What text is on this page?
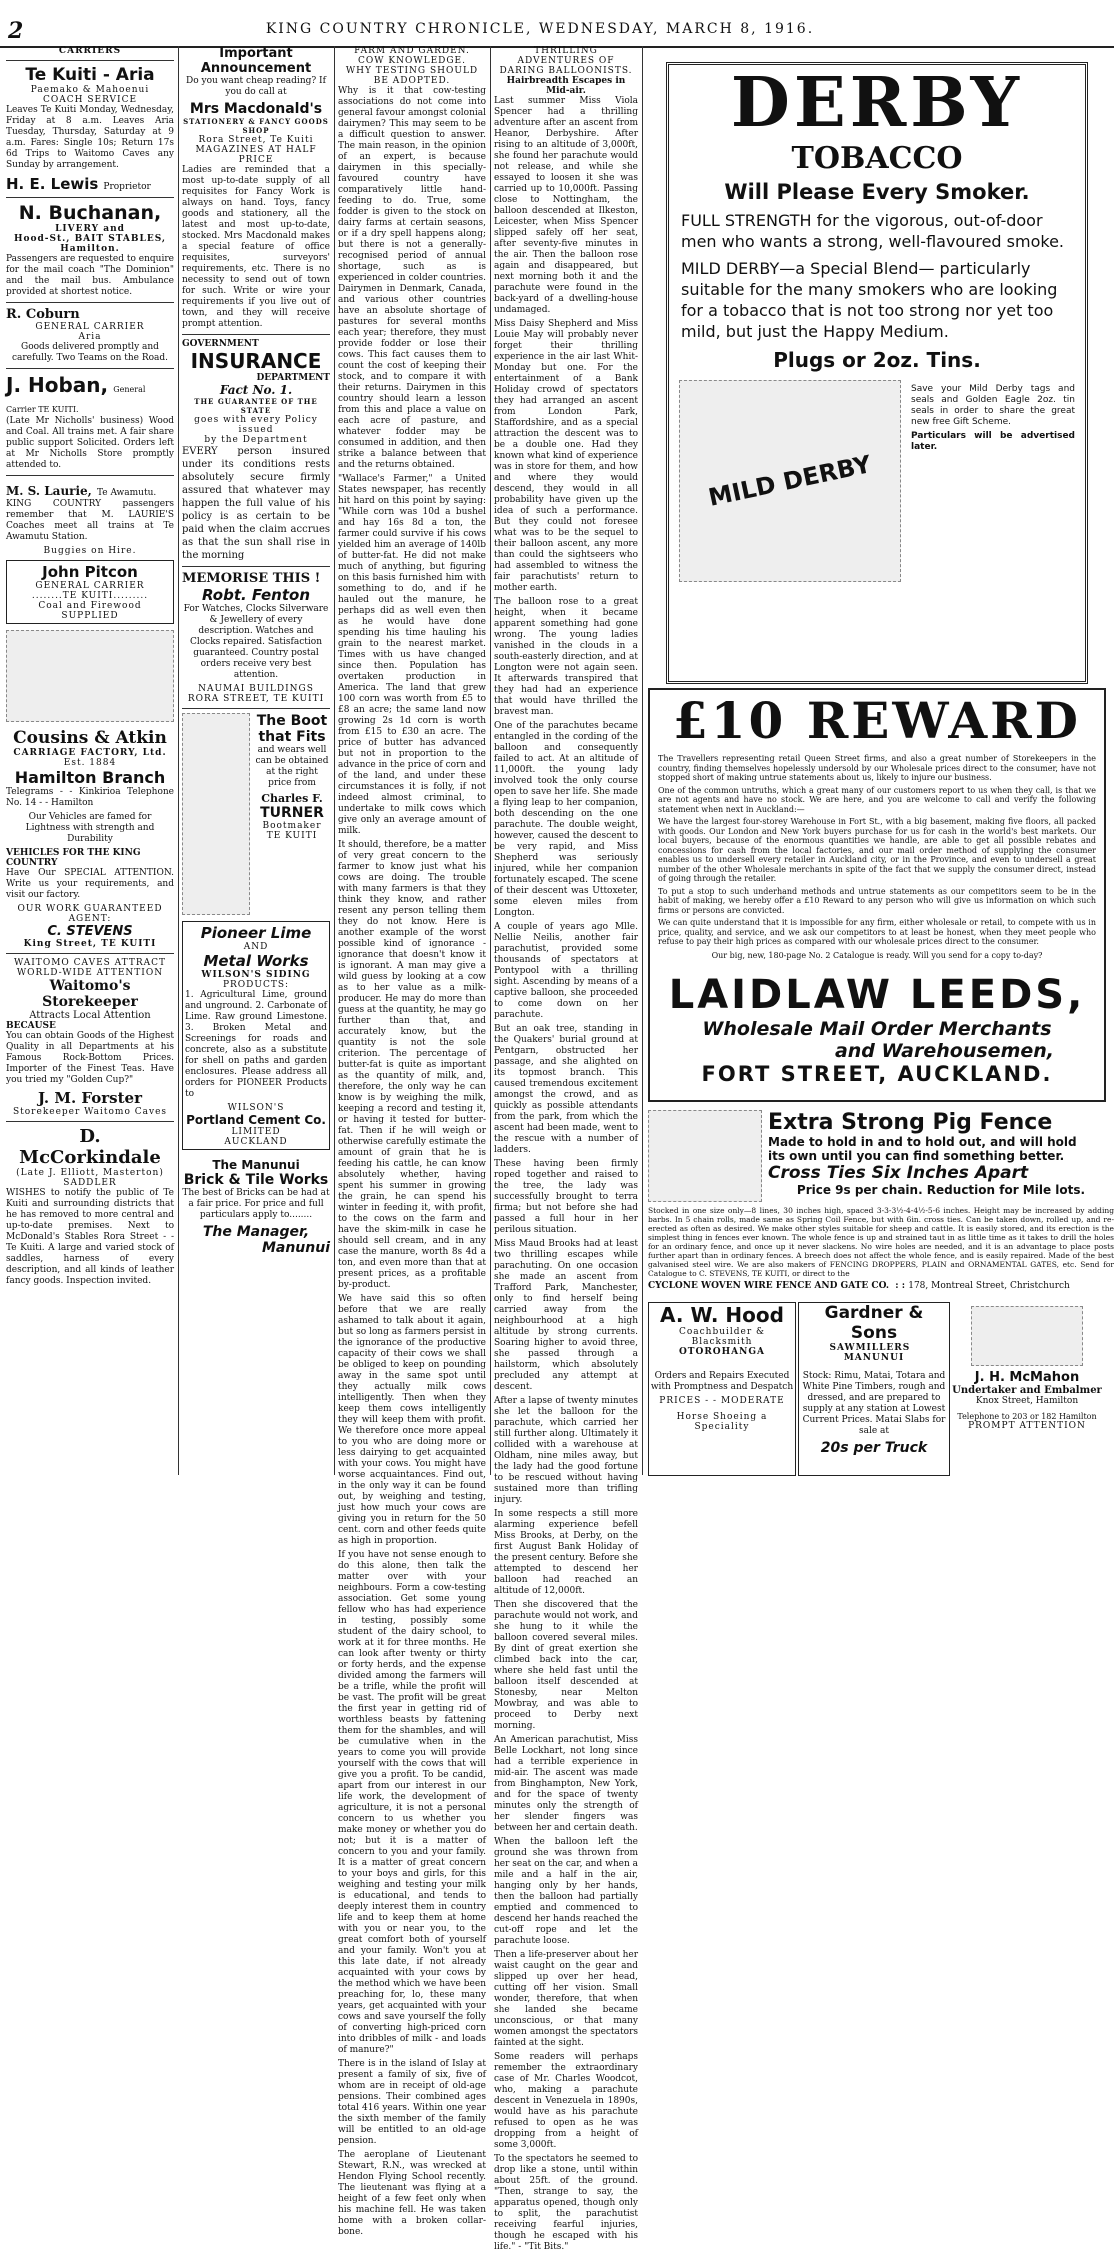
2	KING COUNTRY CHRONICLE, WEDNESDAY, MARCH 8, 1916.
CARRIERS
Te Kuiti - Aria
Paemako & Mahoenui
COACH SERVICE

Leaves Te Kuiti Monday, Wednesday, Friday at 8 a.m. Leaves Aria Tuesday, Thursday, Saturday at 9 a.m. Fares: Single 10s; Return 17s 6d Trips to Waitomo Caves any Sunday by arrangement.

H. E. Lewis Proprietor
N. Buchanan,
LIVERY and
Hood-St., BAIT STABLES, Hamilton.

Passengers are requested to enquire for the mail coach "The Dominion" and the mail bus. Ambulance provided at shortest notice.

R. Coburn
GENERAL CARRIER
Aria

Goods delivered promptly and carefully. Two Teams on the Road.

J. Hoban, General Carrier TE KUITI.

(Late Mr Nicholls' business) Wood and Coal. All trains met. A fair share public support Solicited. Orders left at Mr Nicholls Store promptly attended to.

M. S. Laurie, Te Awamutu.

KING COUNTRY passengers remember that M. LAURIE'S Coaches meet all trains at Te Awamutu Station.

Buggies on Hire.
John Pitcon
GENERAL CARRIER
........TE KUITI.........
Coal and Firewood SUPPLIED
Cousins & Atkin
CARRIAGE FACTORY, Ltd.
Est. 1884
Hamilton Branch

Telegrams - - Kinkirioa Telephone No. 14 - - Hamilton

Our Vehicles are famed for Lightness with strength and Durability

VEHICLES FOR THE KING COUNTRY

Have Our SPECIAL ATTENTION. Write us your requirements, and visit our factory.

OUR WORK GUARANTEED
AGENT:
C. STEVENS
King Street, TE KUITI
WAITOMO CAVES ATTRACT WORLD-WIDE ATTENTION
Waitomo's Storekeeper
Attracts Local Attention
BECAUSE

You can obtain Goods of the Highest Quality in all Departments at his Famous Rock-Bottom Prices. Importer of the Finest Teas. Have you tried my "Golden Cup?"

J. M. Forster
Storekeeper Waitomo Caves
D. McCorkindale
(Late J. Elliott, Masterton)
SADDLER

WISHES to notify the public of Te Kuiti and surrounding districts that he has removed to more central and up-to-date premises. Next to McDonald's Stables Rora Street - - Te Kuiti. A large and varied stock of saddles, harness of every description, and all kinds of leather fancy goods. Inspection invited.

Important Announcement

Do you want cheap reading? If you do call at

Mrs Macdonald's
STATIONERY & FANCY GOODS SHOP
Rora Street, Te Kuiti
MAGAZINES AT HALF PRICE

Ladies are reminded that a most up-to-date supply of all requisites for Fancy Work is always on hand. Toys, fancy goods and stationery, all the latest and most up-to-date, stocked. Mrs Macdonald makes a special feature of office requisites, surveyors' requirements, etc. There is no necessity to send out of town for such. Write or wire your requirements if you live out of town, and they will receive prompt attention.

GOVERNMENT
INSURANCE
DEPARTMENT
Fact No. 1.
THE GUARANTEE OF THE STATE
goes with every Policy issued
by the Department

EVERY person insured under its conditions rests absolutely secure firmly assured that whatever may happen the full value of his policy is as certain to be paid when the claim accrues as that the sun shall rise in the morning

MEMORISE THIS !
Robt. Fenton

For Watches, Clocks Silverware & Jewellery of every description. Watches and Clocks repaired. Satisfaction guaranteed. Country postal orders receive very best attention.

NAUMAI BUILDINGS
RORA STREET, TE KUITI
The Boot
that Fits

and wears well can be obtained at the right price from

Charles F.
TURNER
Bootmaker
TE KUITI
Pioneer Lime
AND
Metal Works
WILSON'S SIDING
PRODUCTS:

1. Agricultural Lime, ground and unground. 2. Carbonate of Lime. Raw ground Limestone. 3. Broken Metal and Screenings for roads and concrete, also as a substitute for shell on paths and garden enclosures. Please address all orders for PIONEER Products to

WILSON'S
Portland Cement Co.
LIMITED
AUCKLAND
The Manunui
Brick & Tile Works

The best of Bricks can be had at a fair price. For price and full particulars apply to........

The Manager,
Manunui
FARM AND GARDEN.
COW KNOWLEDGE.
WHY TESTING SHOULD BE ADOPTED.

Why is it that cow-testing associations do not come into general favour amongst colonial dairymen? This may seem to be a difficult question to answer. The main reason, in the opinion of an expert, is because dairymen in this specially-favoured country have comparatively little hand-feeding to do. True, some fodder is given to the stock on dairy farms at certain seasons, or if a dry spell happens along; but there is not a generally-recognised period of annual shortage, such as is experienced in colder countries. Dairymen in Denmark, Canada, and various other countries have an absolute shortage of pastures for several months each year; therefore, they must provide fodder or lose their cows. This fact causes them to count the cost of keeping their stock, and to compare it with their returns. Dairymen in this country should learn a lesson from this and place a value on each acre of pasture, and whatever fodder may be consumed in addition, and then strike a balance between that and the returns obtained.

"Wallace's Farmer," a United States newspaper, has recently hit hard on this point by saying: "While corn was 10d a bushel and hay 16s 8d a ton, the farmer could survive if his cows yielded him an average of 140lb of butter-fat. He did not make much of anything, but figuring on this basis furnished him with something to do, and if he hauled out the manure, he perhaps did as well even then as he would have done spending his time hauling his grain to the nearest market. Times with us have changed since then. Population has overtaken production in America. The land that grew 100 corn was worth from £5 to £8 an acre; the same land now growing 2s 1d corn is worth from £15 to £30 an acre. The price of butter has advanced but not in proportion to the advance in the price of corn and of the land, and under these circumstances it is folly, if not indeed almost criminal, to undertake to milk cows which give only an average amount of milk.

It should, therefore, be a matter of very great concern to the farmer to know just what his cows are doing. The trouble with many farmers is that they think they know, and rather resent any person telling them they do not know. Here is another example of the worst possible kind of ignorance - ignorance that doesn't know it is ignorant. A man may give a wild guess by looking at a cow as to her value as a milk-producer. He may do more than guess at the quantity, he may go further than that, and accurately know, but the quantity is not the sole criterion. The percentage of butter-fat is quite as important as the quantity of milk, and, therefore, the only way he can know is by weighing the milk, keeping a record and testing it, or having it tested for butter-fat. Then if he will weigh or otherwise carefully estimate the amount of grain that he is feeding his cattle, he can know absolutely whether, having spent his summer in growing the grain, he can spend his winter in feeding it, with profit, to the cows on the farm and have the skim-milk in case he should sell cream, and in any case the manure, worth 8s 4d a ton, and even more than that at present prices, as a profitable by-product.

We have said this so often before that we are really ashamed to talk about it again, but so long as farmers persist in the ignorance of the productive capacity of their cows we shall be obliged to keep on pounding away in the same spot until they actually milk cows intelligently. Then when they keep them cows intelligently they will keep them with profit. We therefore once more appeal to you who are doing more or less dairying to get acquainted with your cows. You might have worse acquaintances. Find out, in the only way it can be found out, by weighing and testing, just how much your cows are giving you in return for the 50 cent. corn and other feeds quite as high in proportion.

If you have not sense enough to do this alone, then talk the matter over with your neighbours. Form a cow-testing association. Get some young fellow who has had experience in testing, possibly some student of the dairy school, to work at it for three months. He can look after twenty or thirty or forty herds, and the expense divided among the farmers will be a trifle, while the profit will be vast. The profit will be great the first year in getting rid of worthless beasts by fattening them for the shambles, and will be cumulative when in the years to come you will provide yourself with the cows that will give you a profit. To be candid, apart from our interest in our life work, the development of agriculture, it is not a personal concern to us whether you make money or whether you do not; but it is a matter of concern to you and your family. It is a matter of great concern to your boys and girls, for this weighing and testing your milk is educational, and tends to deeply interest them in country life and to keep them at home with you or near you, to the great comfort both of yourself and your family. Won't you at this late date, if not already acquainted with your cows by the method which we have been preaching for, lo, these many years, get acquainted with your cows and save yourself the folly of converting high-priced corn into dribbles of milk - and loads of manure?"

There is in the island of Islay at present a family of six, five of whom are in receipt of old-age pensions. Their combined ages total 416 years. Within one year the sixth member of the family will be entitled to an old-age pension.

The aeroplane of Lieutenant Stewart, R.N., was wrecked at Hendon Flying School recently. The lieutenant was flying at a height of a few feet only when his machine fell. He was taken home with a broken collar-bone.

THRILLING ADVENTURES OF DARING BALLOONISTS.
Hairbreadth Escapes in Mid-air.

Last summer Miss Viola Spencer had a thrilling adventure after an ascent from Heanor, Derbyshire. After rising to an altitude of 3,000ft, she found her parachute would not release, and while she essayed to loosen it she was carried up to 10,000ft. Passing close to Nottingham, the balloon descended at Ilkeston, Leicester, when Miss Spencer slipped safely off her seat, after seventy-five minutes in the air. Then the balloon rose again and disappeared, but next morning both it and the parachute were found in the back-yard of a dwelling-house undamaged.

Miss Daisy Shepherd and Miss Louie May will probably never forget their thrilling experience in the air last Whit-Monday but one. For the entertainment of a Bank Holiday crowd of spectators they had arranged an ascent from London Park, Staffordshire, and as a special attraction the descent was to be a double one. Had they known what kind of experience was in store for them, and how and where they would descend, they would in all probability have given up the idea of such a performance. But they could not foresee what was to be the sequel to their balloon ascent, any more than could the sightseers who had assembled to witness the fair parachutists' return to mother earth.

The balloon rose to a great height, when it became apparent something had gone wrong. The young ladies vanished in the clouds in a south-easterly direction, and at Longton were not again seen. It afterwards transpired that they had had an experience that would have thrilled the bravest man.

One of the parachutes became entangled in the cording of the balloon and consequently failed to act. At an altitude of 11,000ft. the young lady involved took the only course open to save her life. She made a flying leap to her companion, both descending on the one parachute. The double weight, however, caused the descent to be very rapid, and Miss Shepherd was seriously injured, while her companion fortunately escaped. The scene of their descent was Uttoxeter, some eleven miles from Longton.

A couple of years ago Mlle. Nellie Neilis, another fair parachutist, provided some thousands of spectators at Pontypool with a thrilling sight. Ascending by means of a captive balloon, she proceeded to come down on her parachute.

But an oak tree, standing in the Quakers' burial ground at Pentgarn, obstructed her passage, and she alighted on its topmost branch. This caused tremendous excitement amongst the crowd, and as quickly as possible attendants from the park, from which the ascent had been made, went to the rescue with a number of ladders.

These having been firmly roped together and raised to the tree, the lady was successfully brought to terra firma; but not before she had passed a full hour in her perilous situation.

Miss Maud Brooks had at least two thrilling escapes while parachuting. On one occasion she made an ascent from Trafford Park, Manchester, only to find herself being carried away from the neighbourhood at a high altitude by strong currents. Soaring higher to avoid three, she passed through a hailstorm, which absolutely precluded any attempt at descent.

After a lapse of twenty minutes she let the balloon for the parachute, which carried her still further along. Ultimately it collided with a warehouse at Oldham, nine miles away, but the lady had the good fortune to be rescued without having sustained more than trifling injury.

In some respects a still more alarming experience befell Miss Brooks, at Derby, on the first August Bank Holiday of the present century. Before she attempted to descend her balloon had reached an altitude of 12,000ft.

Then she discovered that the parachute would not work, and she hung to it while the balloon covered several miles. By dint of great exertion she climbed back into the car, where she held fast until the balloon itself descended at Stonesby, near Melton Mowbray, and was able to proceed to Derby next morning.

An American parachutist, Miss Belle Lockhart, not long since had a terrible experience in mid-air. The ascent was made from Binghampton, New York, and for the space of twenty minutes only the strength of her slender fingers was between her and certain death.

When the balloon left the ground she was thrown from her seat on the car, and when a mile and a half in the air, hanging only by her hands, then the balloon had partially emptied and commenced to descend her hands reached the cut-off rope and let the parachute loose.

Then a life-preserver about her waist caught on the gear and slipped up over her head, cutting off her vision. Small wonder, therefore, that when she landed she became unconscious, or that many women amongst the spectators fainted at the sight.

Some readers will perhaps remember the extraordinary case of Mr. Charles Woodcot, who, making a parachute descent in Venezuela in 1890s, would have as his parachute refused to open as he was dropping from a height of some 3,000ft.

To the spectators he seemed to drop like a stone, until within about 25ft. of the ground. "Then, strange to say, the apparatus opened, though only to split, the parachutist receiving fearful injuries, though he escaped with his life." - "Tit Bits."

DERBY
TOBACCO
Will Please Every Smoker.

FULL STRENGTH for the vigorous, out-of-door men who wants a strong, well-flavoured smoke.

MILD DERBY—a Special Blend— particularly suitable for the many smokers who are looking for a tobacco that is not too strong nor yet too mild, but just the Happy Medium.

Plugs or 2oz. Tins.
MILD DERBY

Save your Mild Derby tags and seals and Golden Eagle 2oz. tin seals in order to share the great new free Gift Scheme.

Particulars will be advertised later.

£10 REWARD

The Travellers representing retail Queen Street firms, and also a great number of Storekeepers in the country, finding themselves hopelessly undersold by our Wholesale prices direct to the consumer, have not stopped short of making untrue statements about us, likely to injure our business.

One of the common untruths, which a great many of our customers report to us when they call, is that we are not agents and have no stock. We are here, and you are welcome to call and verify the following statement when next in Auckland:—

We have the largest four-storey Warehouse in Fort St., with a big basement, making five floors, all packed with goods. Our London and New York buyers purchase for us for cash in the world's best markets. Our local buyers, because of the enormous quantities we handle, are able to get all possible rebates and concessions for cash from the local factories, and our mail order method of supplying the consumer enables us to undersell every retailer in Auckland city, or in the Province, and even to undersell a great number of the other Wholesale merchants in spite of the fact that we supply the consumer direct, instead of going through the retailer.

To put a stop to such underhand methods and untrue statements as our competitors seem to be in the habit of making, we hereby offer a £10 Reward to any person who will give us information on which such firms or persons are convicted.

We can quite understand that it is impossible for any firm, either wholesale or retail, to compete with us in price, quality, and service, and we ask our competitors to at least be honest, when they meet people who refuse to pay their high prices as compared with our wholesale prices direct to the consumer.

Our big, new, 180-page No. 2 Catalogue is ready. Will you send for a copy to-day?

LAIDLAW LEEDS,
Wholesale Mail Order Merchants
and Warehousemen,
FORT STREET, AUCKLAND.
Extra Strong Pig Fence
Made to hold in and to hold out, and will hold
its own until you can find something better.
Cross Ties Six Inches Apart
Price 9s per chain. Reduction for Mile lots.

Stocked in one size only—8 lines, 30 inches high, spaced 3-3-3½-4-4½-5-6 inches. Height may be increased by adding barbs. In 5 chain rolls, made same as Spring Coil Fence, but with 6in. cross ties. Can be taken down, rolled up, and re-erected as often as desired. We make other styles suitable for sheep and cattle. It is easily stored, and its erection is the simplest thing in fences ever known. The whole fence is up and strained taut in as little time as it takes to drill the holes for an ordinary fence, and once up it never slackens. No wire holes are needed, and it is an advantage to place posts further apart than in ordinary fences. A breech does not affect the whole fence, and is easily repaired. Made of the best galvanised steel wire. We are also makers of FENCING DROPPERS, PLAIN and ORNAMENTAL GATES, etc. Send for Catalogue to C. STEVENS, TE KUITI, or direct to the

CYCLONE WOVEN WIRE FENCE AND GATE CO.  : : 178, Montreal Street, Christchurch
A. W. Hood
Coachbuilder & Blacksmith
OTOROHANGA

Orders and Repairs Executed with Promptness and Despatch

PRICES - - MODERATE
Horse Shoeing a Speciality
Gardner & Sons
SAWMILLERS   MANUNUI

Stock: Rimu, Matai, Totara and White Pine Timbers, rough and dressed, and are prepared to supply at any station at Lowest Current Prices. Matai Slabs for sale at

20s per Truck
J. H. McMahon
Undertaker and Embalmer
Knox Street, Hamilton
Telephone to 203 or 182 Hamilton
PROMPT ATTENTION
